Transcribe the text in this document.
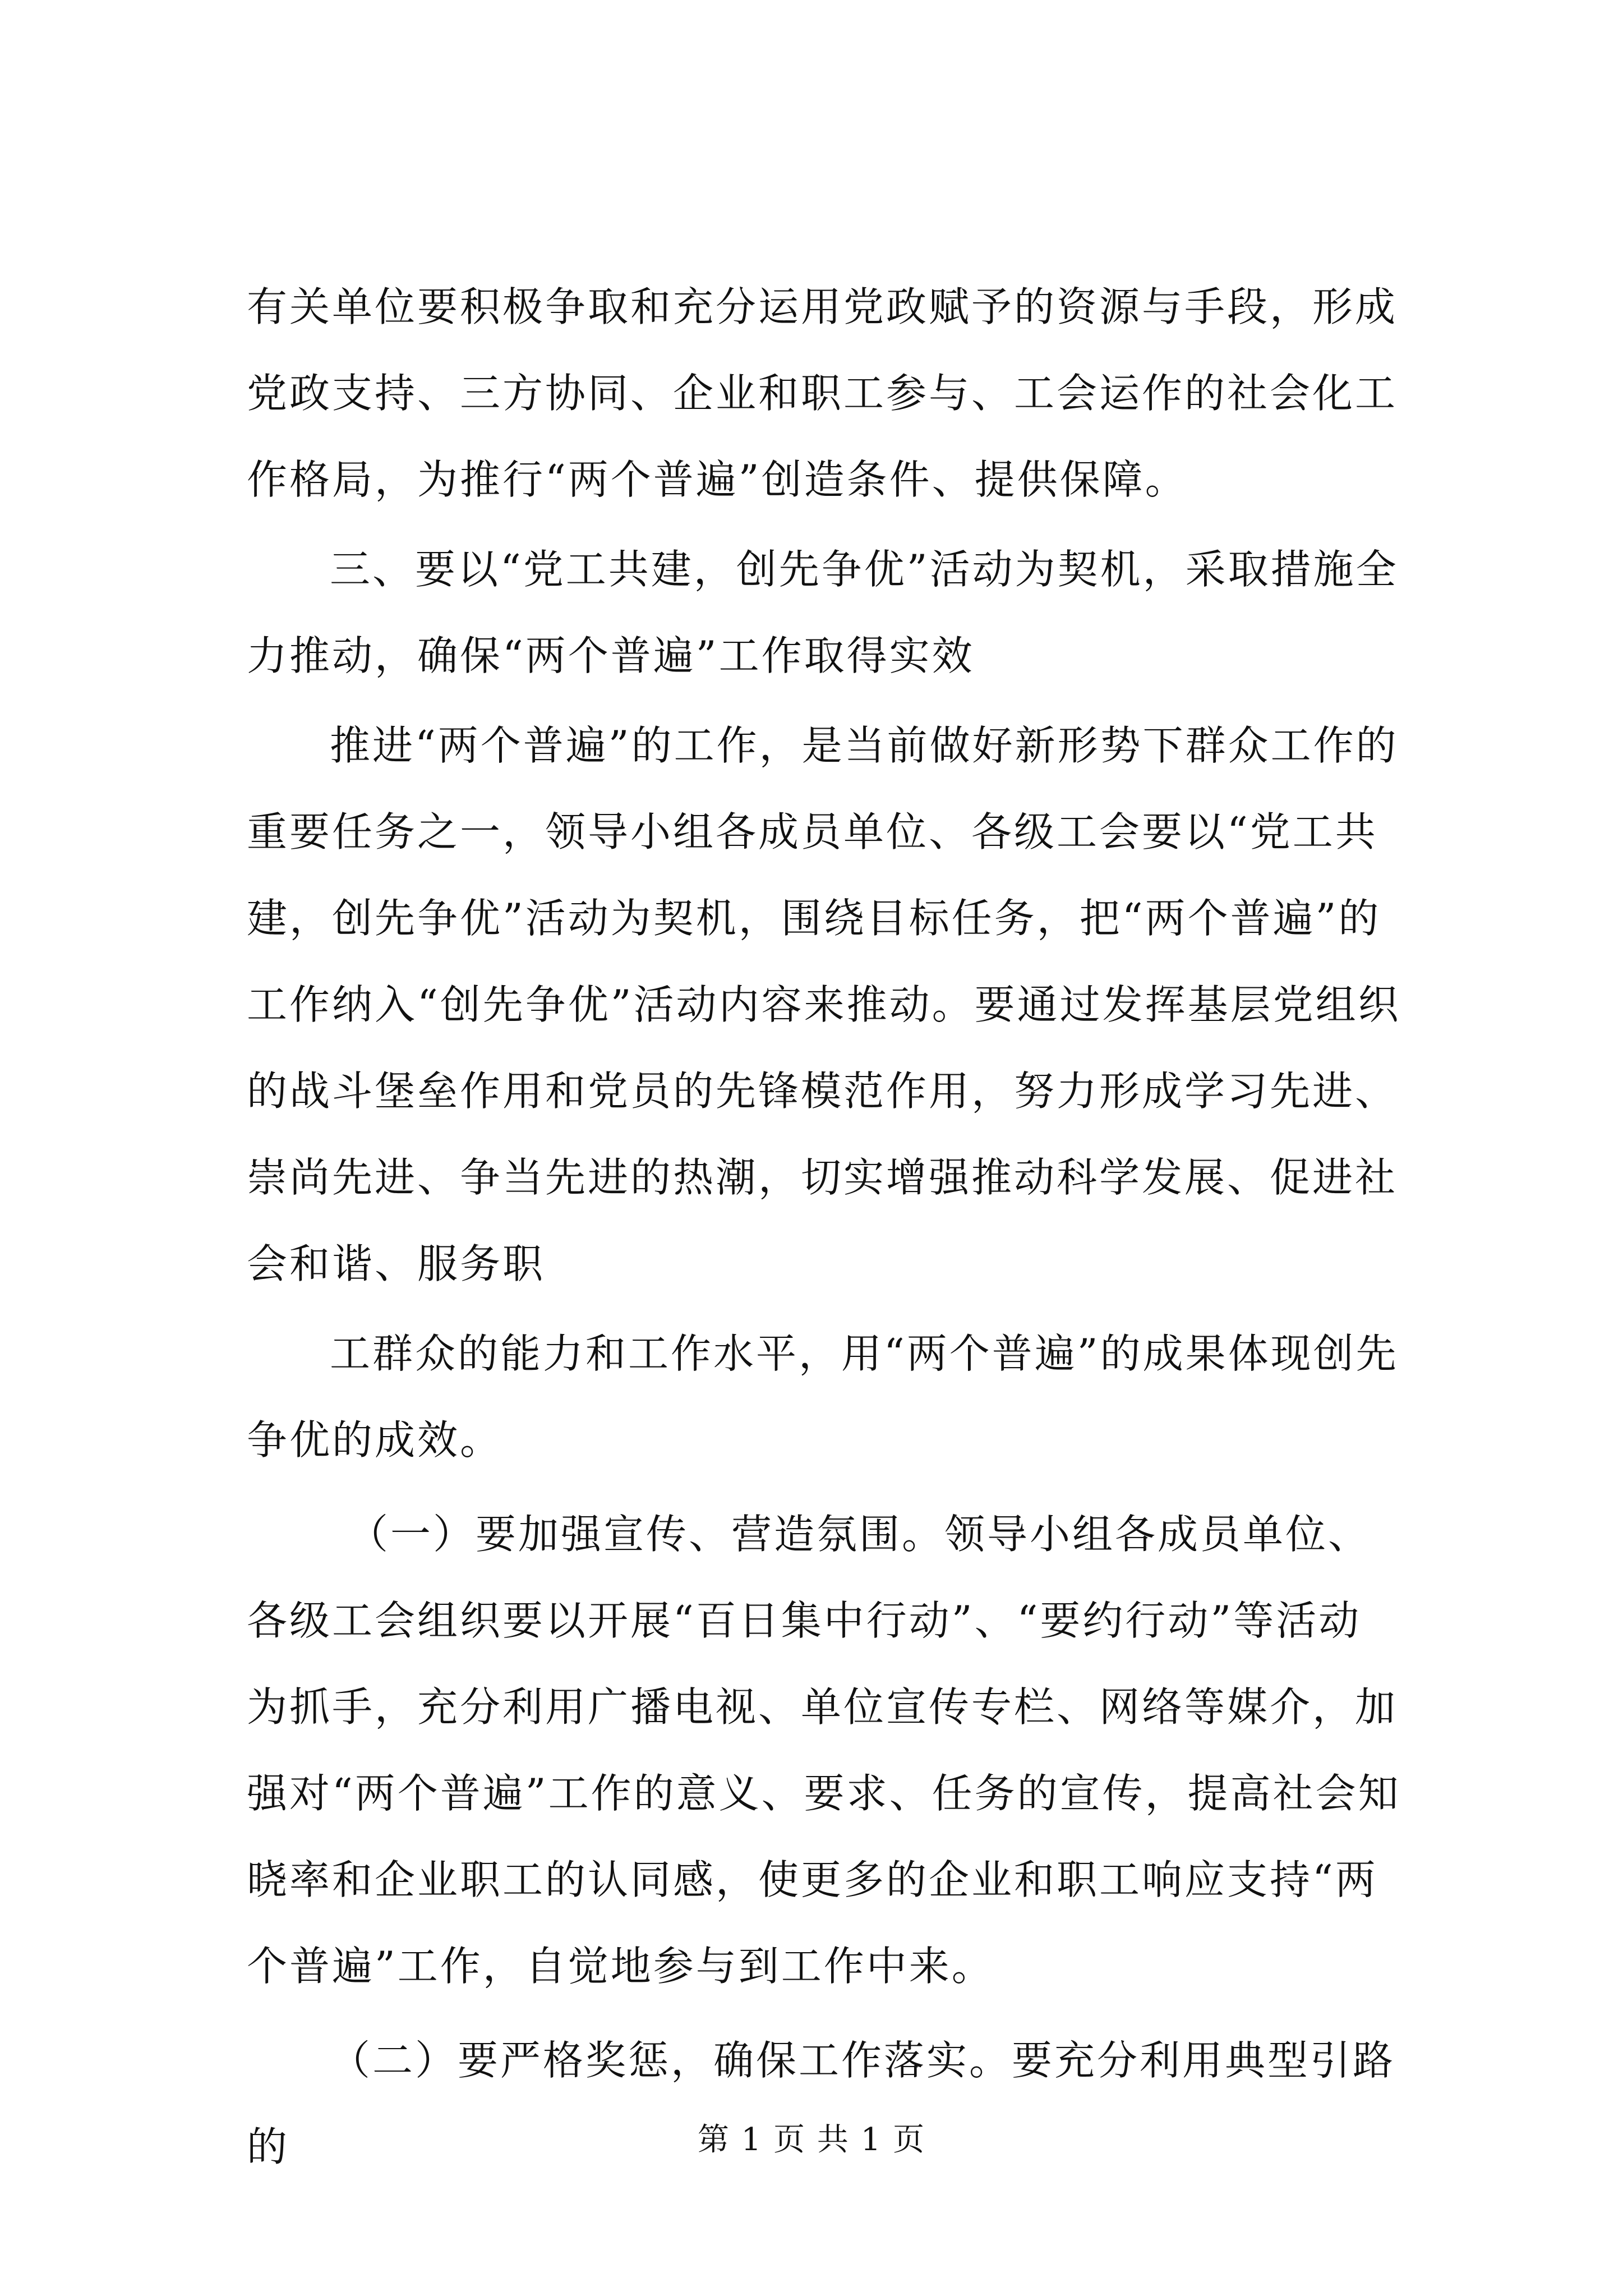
有关单位要积极争取和充分运用党政赋予的资源与手段，形成党政支持、三方协同、企业和职工参与、工会运作的社会化工作格局，为推行“两个普遍”创造条件、提供保障。

三、要以“党工共建，创先争优”活动为契机，采取措施全力推动，确保“两个普遍”工作取得实效

推进“两个普遍”的工作，是当前做好新形势下群众工作的重要任务之一，领导小组各成员单位、各级工会要以“党工共建，创先争优”活动为契机，围绕目标任务，把“两个普遍”的工作纳入“创先争优”活动内容来推动。要通过发挥基层党组织的战斗堡垒作用和党员的先锋模范作用，努力形成学习先进、崇尚先进、争当先进的热潮，切实增强推动科学发展、促进社会和谐、服务职

工群众的能力和工作水平，用“两个普遍”的成果体现创先争优的成效。

（一）要加强宣传、营造氛围。领导小组各成员单位、各级工会组织要以开展“百日集中行动”、“要约行动”等活动为抓手，充分利用广播电视、单位宣传专栏、网络等媒介，加强对“两个普遍”工作的意义、要求、任务的宣传，提高社会知晓率和企业职工的认同感，使更多的企业和职工响应支持“两个普遍”工作，自觉地参与到工作中来。

（二）要严格奖惩，确保工作落实。要充分利用典型引路的	第 1 页 共 1 页
